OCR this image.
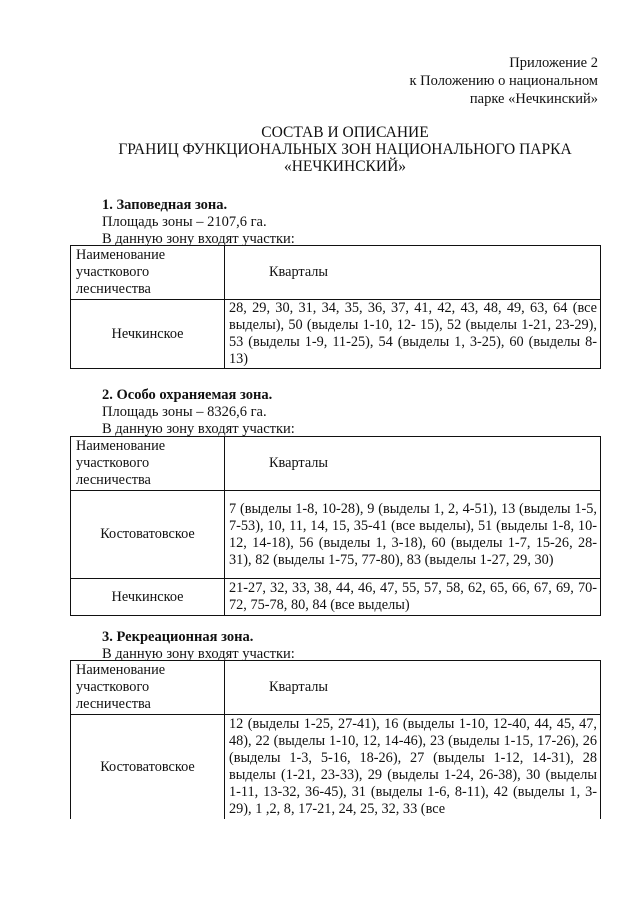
Приложение 2
к Положению о национальном
парке «Нечкинский»
СОСТАВ И ОПИСАНИЕ
ГРАНИЦ ФУНКЦИОНАЛЬНЫХ ЗОН НАЦИОНАЛЬНОГО ПАРКА
«НЕЧКИНСКИЙ»
1. Заповедная зона.
Площадь зоны – 2107,6 га.
В данную зону входят участки:
Наименование участкового лесничества	Кварталы
Нечкинское	28, 29, 30, 31, 34, 35, 36, 37, 41, 42, 43, 48, 49, 63, 64 (все выделы), 50 (выделы 1-10, 12- 15), 52 (выделы 1-21, 23-29), 53 (выделы 1-9, 11-25), 54 (выделы 1, 3-25), 60 (выделы 8-13)
2. Особо охраняемая зона.
Площадь зоны – 8326,6 га.
В данную зону входят участки:
Наименование участкового лесничества	Кварталы
Костоватовское	7 (выделы 1-8, 10-28), 9 (выделы 1, 2, 4-51), 13 (выделы 1-5, 7-53), 10, 11, 14, 15, 35-41 (все выделы), 51 (выделы 1-8, 10-12, 14-18), 56 (выделы 1, 3-18), 60 (выделы 1-7, 15-26, 28-31), 82 (выделы 1-75, 77-80), 83 (выделы 1-27, 29, 30)
Нечкинское	21-27, 32, 33, 38, 44, 46, 47, 55, 57, 58, 62, 65, 66, 67, 69, 70-72, 75-78, 80, 84 (все выделы)
3. Рекреационная зона.
В данную зону входят участки:
Наименование участкового лесничества	Кварталы
Костоватовское	12 (выделы 1-25, 27-41), 16 (выделы 1-10, 12-40, 44, 45, 47, 48), 22 (выделы 1-10, 12, 14-46), 23 (выделы 1-15, 17-26), 26 (выделы 1-3, 5-16, 18-26), 27 (выделы 1-12, 14-31), 28 выделы (1-21, 23-33), 29 (выделы 1-24, 26-38), 30 (выделы 1-11, 13-32, 36-45), 31 (выделы 1-6, 8-11), 42 (выделы 1, 3-29), 1 ,2, 8, 17-21, 24, 25, 32, 33 (все
